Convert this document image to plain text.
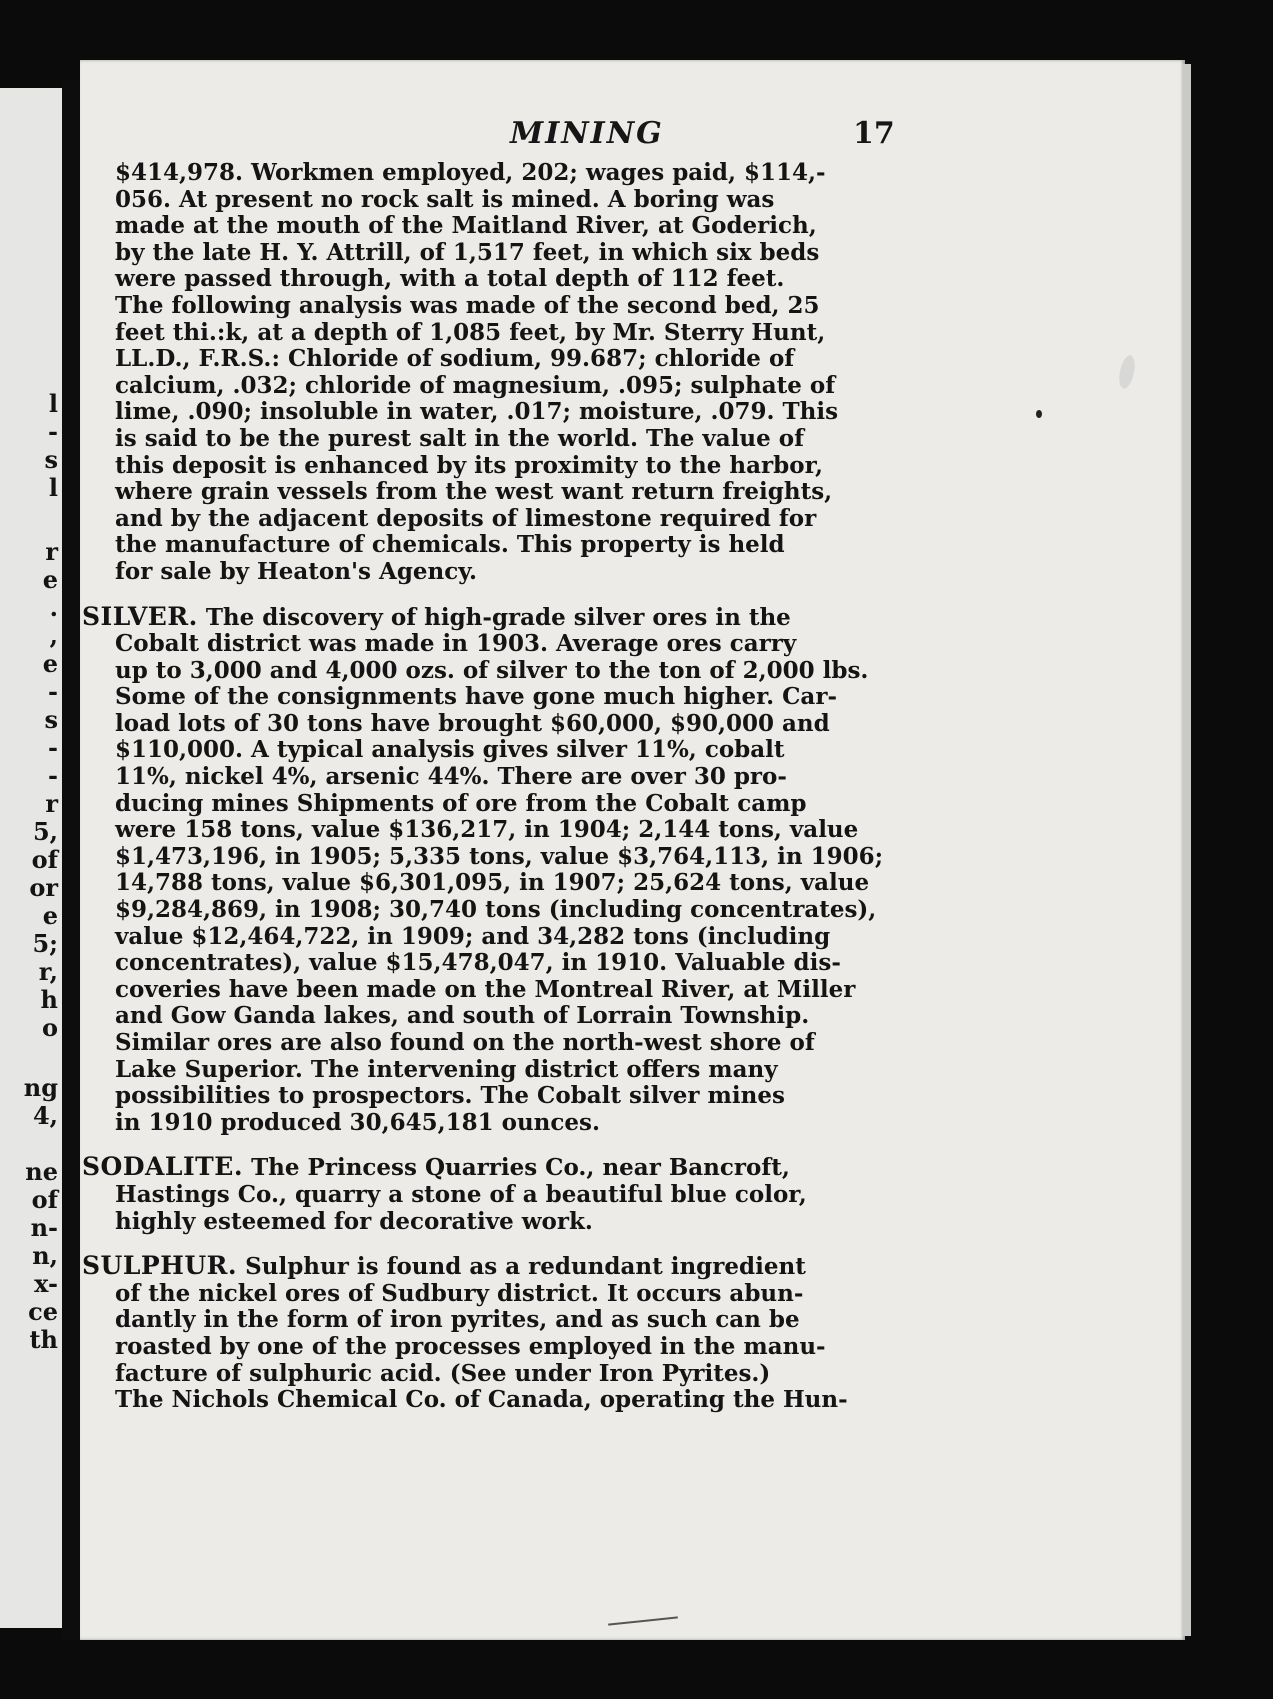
l
-
s
l
r
e
.
,
e
-
s
-
-
r
5,
of
or
e
5;
r,
h
o
ng
4,
ne
of
n-
n,
x-
ce
th
MINING	17
$414,978. Workmen employed, 202; wages paid, $114,-
056. At present no rock salt is mined. A boring was
made at the mouth of the Maitland River, at Goderich,
by the late H. Y. Attrill, of 1,517 feet, in which six beds
were passed through, with a total depth of 112 feet.
The following analysis was made of the second bed, 25
feet thi.:k, at a depth of 1,085 feet, by Mr. Sterry Hunt,
LL.D., F.R.S.: Chloride of sodium, 99.687; chloride of
calcium, .032; chloride of magnesium, .095; sulphate of
lime, .090; insoluble in water, .017; moisture, .079. This
is said to be the purest salt in the world. The value of
this deposit is enhanced by its proximity to the harbor,
where grain vessels from the west want return freights,
and by the adjacent deposits of limestone required for
the manufacture of chemicals. This property is held
for sale by Heaton's Agency.
SILVER. The discovery of high-grade silver ores in the
Cobalt district was made in 1903. Average ores carry
up to 3,000 and 4,000 ozs. of silver to the ton of 2,000 lbs.
Some of the consignments have gone much higher. Car-
load lots of 30 tons have brought $60,000, $90,000 and
$110,000. A typical analysis gives silver 11%, cobalt
11%, nickel 4%, arsenic 44%. There are over 30 pro-
ducing mines Shipments of ore from the Cobalt camp
were 158 tons, value $136,217, in 1904; 2,144 tons, value
$1,473,196, in 1905; 5,335 tons, value $3,764,113, in 1906;
14,788 tons, value $6,301,095, in 1907; 25,624 tons, value
$9,284,869, in 1908; 30,740 tons (including concentrates),
value $12,464,722, in 1909; and 34,282 tons (including
concentrates), value $15,478,047, in 1910. Valuable dis-
coveries have been made on the Montreal River, at Miller
and Gow Ganda lakes, and south of Lorrain Township.
Similar ores are also found on the north-west shore of
Lake Superior. The intervening district offers many
possibilities to prospectors. The Cobalt silver mines
in 1910 produced 30,645,181 ounces.
SODALITE. The Princess Quarries Co., near Bancroft,
Hastings Co., quarry a stone of a beautiful blue color,
highly esteemed for decorative work.
SULPHUR. Sulphur is found as a redundant ingredient
of the nickel ores of Sudbury district. It occurs abun-
dantly in the form of iron pyrites, and as such can be
roasted by one of the processes employed in the manu-
facture of sulphuric acid. (See under Iron Pyrites.)
The Nichols Chemical Co. of Canada, operating the Hun-
